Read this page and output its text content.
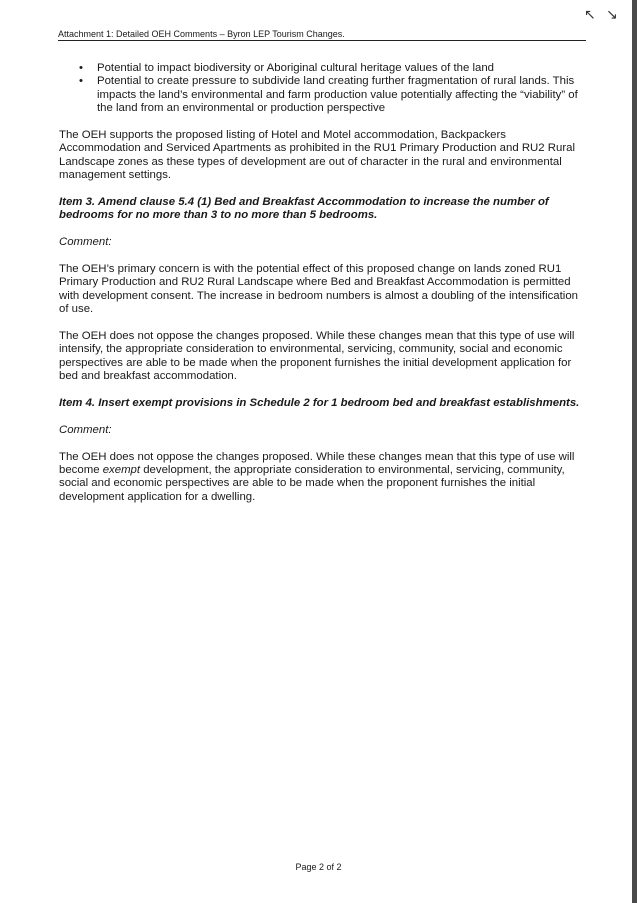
↖ ↘
Attachment 1: Detailed OEH Comments – Byron LEP Tourism Changes.
• Potential to impact biodiversity or Aboriginal cultural heritage values of the land
• Potential to create pressure to subdivide land creating further fragmentation of rural lands. This impacts the land’s environmental and farm production value potentially affecting the “viability” of the land from an environmental or production perspective

The OEH supports the proposed listing of Hotel and Motel accommodation, Backpackers Accommodation and Serviced Apartments as prohibited in the RU1 Primary Production and RU2 Rural Landscape zones as these types of development are out of character in the rural and environmental management settings.

Item 3. Amend clause 5.4 (1) Bed and Breakfast Accommodation to increase the number of bedrooms for no more than 3 to no more than 5 bedrooms.

Comment:

The OEH’s primary concern is with the potential effect of this proposed change on lands zoned RU1 Primary Production and RU2 Rural Landscape where Bed and Breakfast Accommodation is permitted with development consent. The increase in bedroom numbers is almost a doubling of the intensification of use.

The OEH does not oppose the changes proposed. While these changes mean that this type of use will intensify, the appropriate consideration to environmental, servicing, community, social and economic perspectives are able to be made when the proponent furnishes the initial development application for bed and breakfast accommodation.

Item 4. Insert exempt provisions in Schedule 2 for 1 bedroom bed and breakfast establishments.

Comment:

The OEH does not oppose the changes proposed. While these changes mean that this type of use will become exempt development, the appropriate consideration to environmental, servicing, community, social and economic perspectives are able to be made when the proponent furnishes the initial development application for a dwelling.

Page 2 of 2
